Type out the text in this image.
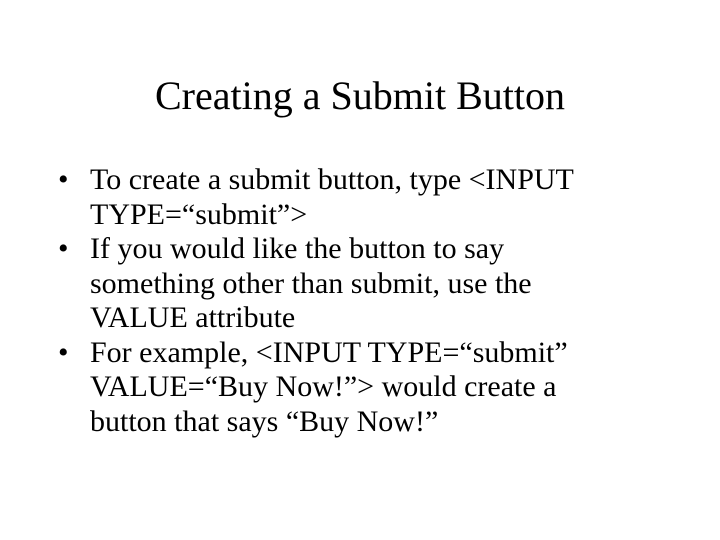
Creating a Submit Button
• To create a submit button, type <INPUT
TYPE=“submit”>
• If you would like the button to say
something other than submit, use the
VALUE attribute
• For example, <INPUT TYPE=“submit”
VALUE=“Buy Now!”> would create a
button that says “Buy Now!”
